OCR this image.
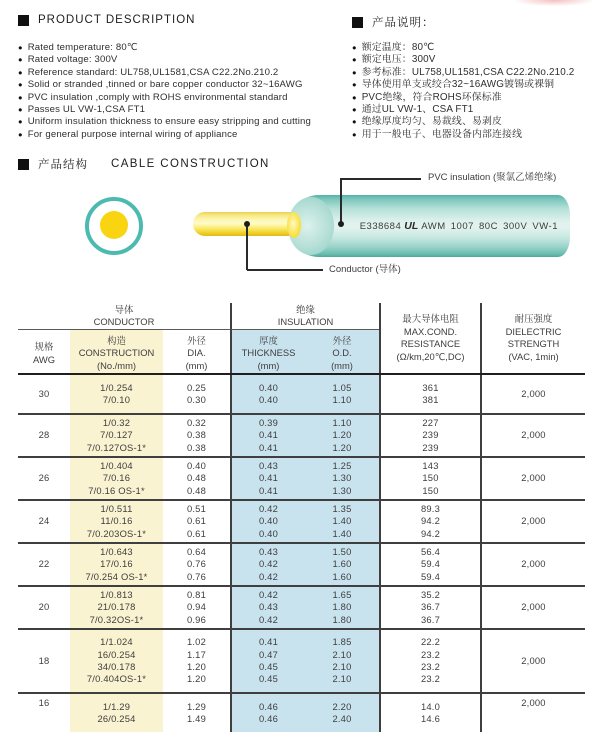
PRODUCT DESCRIPTION
● Rated temperature: 80℃
● Rated voltage: 300V
● Reference standard: UL758,UL1581,CSA C22.2No.210.2
● Solid or stranded ,tinned or bare copper conductor 32~16AWG
● PVC insulation ,comply with ROHS environmental standard
● Passes UL VW-1,CSA FT1
● Uniform insulation thickness to ensure easy stripping and cutting
● For general purpose internal wiring of appliance
产品说明：
● 额定温度：80℃
● 额定电压：300V
● 参考标准：UL758,UL1581,CSA C22.2No.210.2
● 导体使用单支或绞合32~16AWG镀锡或裸铜
● PVC绝缘，符合ROHS环保标准
● 通过UL VW-1、CSA FT1
● 绝缘厚度均匀、易裁线、易剥皮
● 用于一般电子、电器设备内部连接线
产品结构 CABLE CONSTRUCTION
E338684 UL AWM 1007 80C 300V VW-1
PVC insulation (聚氯乙烯绝缘)
Conductor (导体)
导体
CONDUCTOR
绝缘
INSULATION
规格
AWG
构造
CONSTRUCTION
(No./mm)
外径
DIA.
(mm)
厚度
THICKNESS
(mm)
外径
O.D.
(mm)
最大导体电阻
MAX.COND.
RESISTANCE
(Ω/km,20℃,DC)
耐压强度
DIELECTRIC
STRENGTH
(VAC, 1min)
30
1/0.254
7/0.10
0.25
0.30
0.40
0.40
1.05
1.10
361
381
2,000
28
1/0.32
7/0.127
7/0.127OS-1*
0.32
0.38
0.38
0.39
0.41
0.41
1.10
1.20
1.20
227
239
239
2,000
26
1/0.404
7/0.16
7/0.16 OS-1*
0.40
0.48
0.48
0.43
0.41
0.41
1.25
1.30
1.30
143
150
150
2,000
24
1/0.511
11/0.16
7/0.203OS-1*
0.51
0.61
0.61
0.42
0.40
0.40
1.35
1.40
1.40
89.3
94.2
94.2
2,000
22
1/0.643
17/0.16
7/0.254 OS-1*
0.64
0.76
0.76
0.43
0.42
0.42
1.50
1.60
1.60
56.4
59.4
59.4
2,000
20
1/0.813
21/0.178
7/0.32OS-1*
0.81
0.94
0.96
0.42
0.43
0.42
1.65
1.80
1.80
35.2
36.7
36.7
2,000
18
1/1.024
16/0.254
34/0.178
7/0.404OS-1*
1.02
1.17
1.20
1.20
0.41
0.47
0.45
0.45
1.85
2.10
2.10
2.10
22.2
23.2
23.2
23.2
2,000
16	1/1.29
26/0.254
1.29
1.49
0.46
0.46
2.20
2.40
14.0
14.6
2,000
